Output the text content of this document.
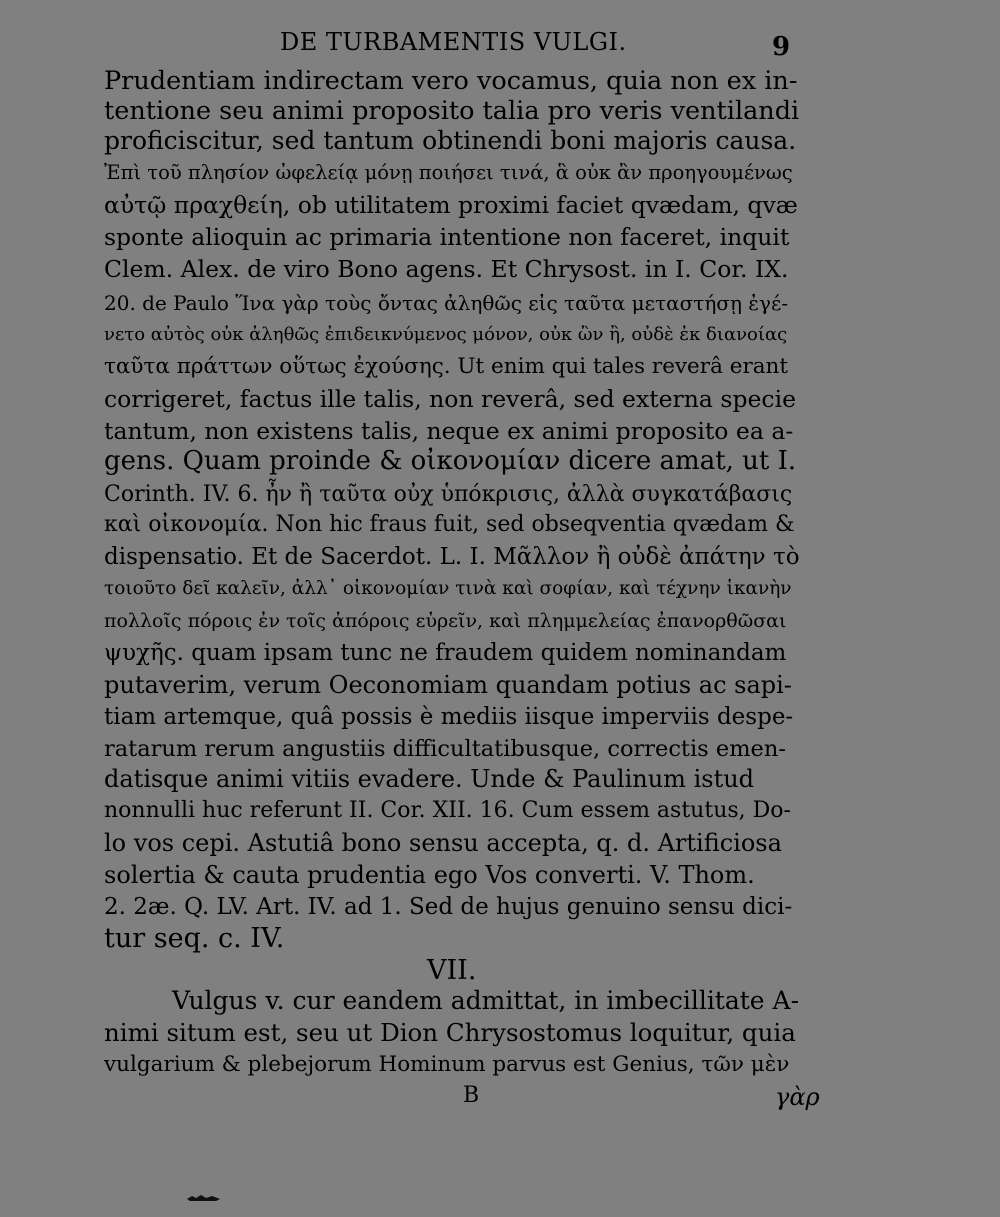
DE TURBAMENTIS VULGI.	9
Prudentiam indirectam vero vocamus, quia non ex in-
tentione seu animi proposito talia pro veris ventilandi
proficiscitur, sed tantum obtinendi boni majoris causa.
Ἐπὶ τοῦ πλησίον ὠφελείᾳ μόνῃ ποιήσει τινά, ἃ οὐκ ἂν προηγουμένως
αὐτῷ πραχθείη, ob utilitatem proximi faciet qvædam, qvæ
sponte alioquin ac primaria intentione non faceret, inquit
Clem. Alex. de viro Bono agens. Et Chrysost. in I. Cor. IX.
20. de Paulo Ἵνα γὰρ τοὺς ὄντας ἀληθῶς εἰς ταῦτα μεταστήσῃ ἐγέ-
νετο αὐτὸς οὐκ ἀληθῶς ἐπιδεικνύμενος μόνον, οὐκ ὢν ἢ, οὐδὲ ἐκ διανοίας
ταῦτα πράττων οὕτως ἐχούσης. Ut enim qui tales reverâ erant
corrigeret, factus ille talis, non reverâ, sed externa specie
tantum, non existens talis, neque ex animi proposito ea a-
gens. Quam proinde & οἰκονομίαν dicere amat, ut I.
Corinth. IV. 6. ἦν ἢ ταῦτα οὐχ ὑπόκρισις, ἀλλὰ συγκατάβασις
καὶ οἰκονομία. Non hic fraus fuit, sed obseqventia qvædam &
dispensatio. Et de Sacerdot. L. I. Μᾶλλον ἢ οὐδὲ ἀπάτην τὸ
τοιοῦτο δεῖ καλεῖν, ἀλλ᾽ οἰκονομίαν τινὰ καὶ σοφίαν, καὶ τέχνην ἱκανὴν
πολλοῖς πόροις ἐν τοῖς ἀπόροις εὑρεῖν, καὶ πλημμελείας ἐπανορθῶσαι
ψυχῆς. quam ipsam tunc ne fraudem quidem nominandam
putaverim, verum Oeconomiam quandam potius ac sapi-
tiam artemque, quâ possis è mediis iisque imperviis despe-
ratarum rerum angustiis difficultatibusque, correctis emen-
datisque animi vitiis evadere. Unde & Paulinum istud
nonnulli huc referunt II. Cor. XII. 16. Cum essem astutus, Do-
lo vos cepi. Astutiâ bono sensu accepta, q. d. Artificiosa
solertia & cauta prudentia ego Vos converti. V. Thom.
2. 2æ. Q. LV. Art. IV. ad 1. Sed de hujus genuino sensu dici-
tur seq. c. IV.
VII.
Vulgus v. cur eandem admittat, in imbecillitate A-
nimi situm est, seu ut Dion Chrysostomus loquitur, quia
vulgarium & plebejorum Hominum parvus est Genius, τῶν μὲν
B	γὰρ
